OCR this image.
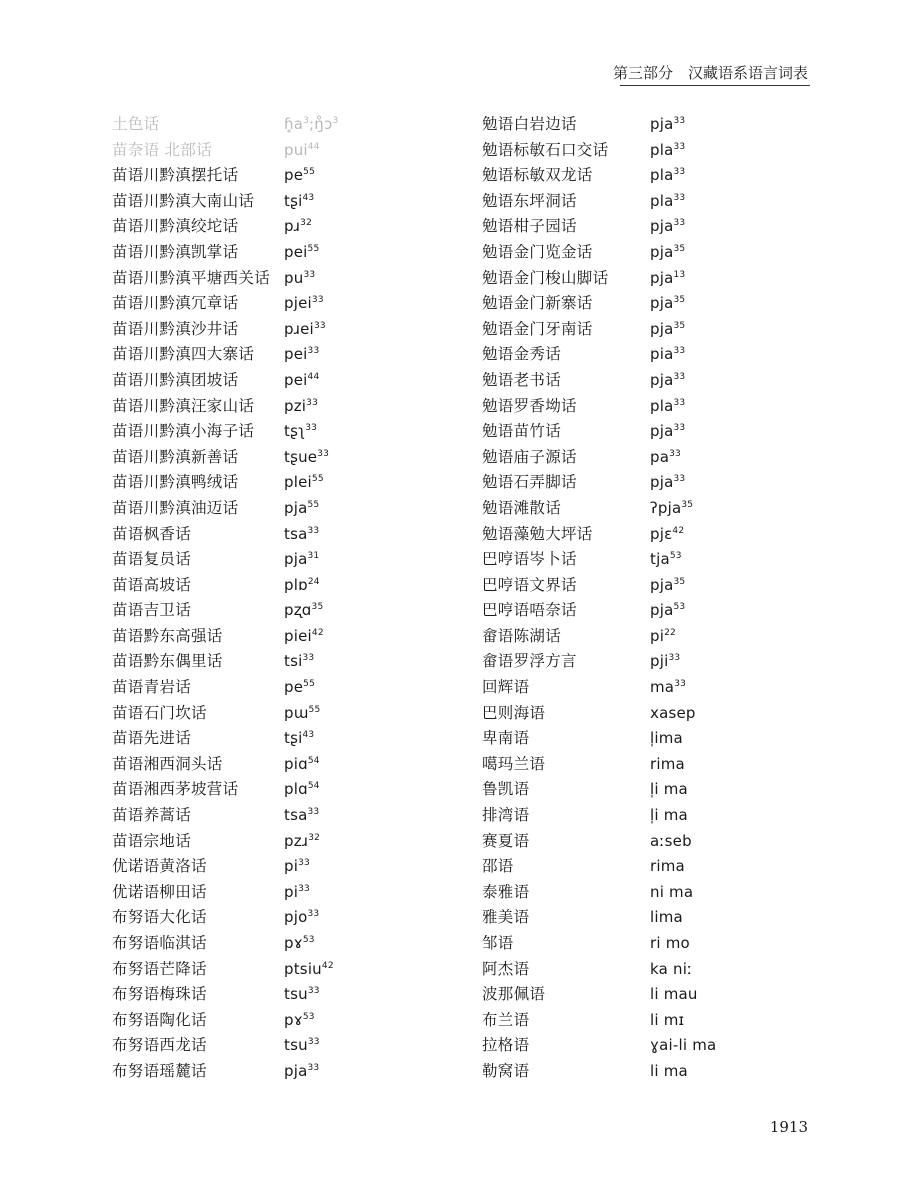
第三部分　汉藏语系语言词表
土色话	$ɦ̥a^3;ŋ̊ɔ^3$
苗奈语 北部话	pui$^{44}$
苗语川黔滇摆托话	$pe^{55}$
苗语川黔滇大南山话	tʂi$^{43}$
苗语川黔滇绞坨话	pɹ$^{32}$
苗语川黔滇凯掌话	pei$^{55}$
苗语川黔滇平塘西关话 $pu^{33}$
苗语川黔滇冗章话	pjei$^{33}$
苗语川黔滇沙井话	pɹei$^{33}$
苗语川黔滇四大寨话	pei$^{33}$
苗语川黔滇团坡话	pei$^{44}$
苗语川黔滇汪家山话	pzi$^{33}$
苗语川黔滇小海子话	tʂʅ$^{33}$
苗语川黔滇新善话	tʂue$^{33}$
苗语川黔滇鸭绒话	plei$^{55}$
苗语川黔滇油迈话	pja$^{55}$
苗语枫香话	tsa$^{33}$
苗语复员话	pja$^{31}$
苗语高坡话	plɒ$^{24}$
苗语吉卫话	pʐɑ$^{35}$
苗语黔东高强话	piei$^{42}$
苗语黔东偶里话	tsi$^{33}$
苗语青岩话	$pe^{55}$
苗语石门坎话	pɯ$^{55}$
苗语先进话	tʂi$^{43}$
苗语湘西洞头话	piɑ$^{54}$
苗语湘西茅坡营话	plɑ$^{54}$
苗语养蒿话	tsa$^{33}$
苗语宗地话	pzɹ$^{32}$
优诺语黄洛话	$pi^{33}$
优诺语柳田话	$pi^{33}$
布努语大化话	pjo$^{33}$
布努语临淇话	pɤ$^{53}$
布努语芒降话	ptsiu$^{42}$
布努语梅珠话	tsu$^{33}$
布努语陶化话	pɤ$^{53}$
布努语西龙话	tsu$^{33}$
布努语瑶麓话	pja$^{33}$
勉语白岩边话	pja$^{33}$
勉语标敏石口交话	pla$^{33}$
勉语标敏双龙话	pla$^{33}$
勉语东坪洞话	pla$^{33}$
勉语柑子园话	pja$^{33}$
勉语金门览金话	pja$^{35}$
勉语金门梭山脚话	pja$^{13}$
勉语金门新寨话	pja$^{35}$
勉语金门牙南话	pja$^{35}$
勉语金秀话	pia$^{33}$
勉语老书话	pja$^{33}$
勉语罗香坳话	pla$^{33}$
勉语苗竹话	pja$^{33}$
勉语庙子源话	$pa^{33}$
勉语石弄脚话	pja$^{33}$
勉语滩散话	ʔpja$^{35}$
勉语藻勉大坪话	pjɛ$^{42}$
巴哼语岑卜话	tja$^{53}$
巴哼语文界话	pja$^{35}$
巴哼语唔奈话	pja$^{53}$
畲语陈湖话	$pi^{22}$
畲语罗浮方言	pji$^{33}$
回辉语	$ma^{33}$
巴则海语	xasep
卑南语	l̩ima
噶玛兰语	rima
鲁凯语	l̩i ma
排湾语	l̩i ma
赛夏语	aːseb
邵语	rima
泰雅语	ni ma
雅美语	lima
邹语	ri mo
阿杰语	ka niː
波那佩语	li mau
布兰语	li mɪ
拉格语	ɣai-li ma
勒窝语	li ma
1913
